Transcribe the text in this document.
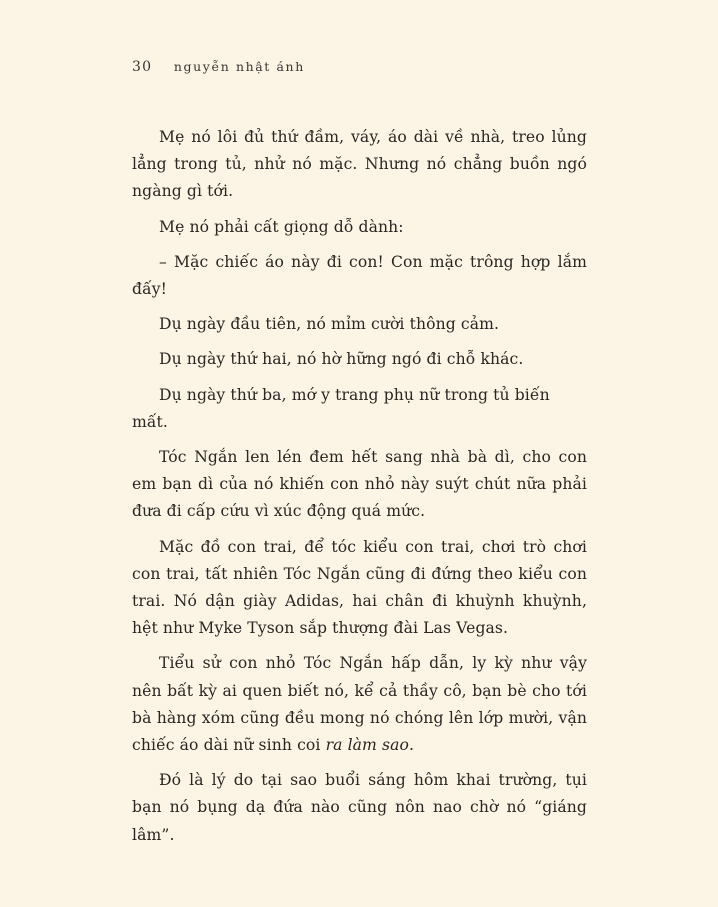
30 nguyễn nhật ánh

Mẹ nó lôi đủ thứ đầm, váy, áo dài về nhà, treo lủng lẳng trong tủ, nhử nó mặc. Nhưng nó chẳng buồn ngó ngàng gì tới.

Mẹ nó phải cất giọng dỗ dành:

– Mặc chiếc áo này đi con! Con mặc trông hợp lắm đấy!

Dụ ngày đầu tiên, nó mỉm cười thông cảm.

Dụ ngày thứ hai, nó hờ hững ngó đi chỗ khác.

Dụ ngày thứ ba, mớ y trang phụ nữ trong tủ biến mất.

Tóc Ngắn len lén đem hết sang nhà bà dì, cho con em bạn dì của nó khiến con nhỏ này suýt chút nữa phải đưa đi cấp cứu vì xúc động quá mức.

Mặc đồ con trai, để tóc kiểu con trai, chơi trò chơi con trai, tất nhiên Tóc Ngắn cũng đi đứng theo kiểu con trai. Nó dận giày Adidas, hai chân đi khuỳnh khuỳnh, hệt như Myke Tyson sắp thượng đài Las Vegas.

Tiểu sử con nhỏ Tóc Ngắn hấp dẫn, ly kỳ như vậy nên bất kỳ ai quen biết nó, kể cả thầy cô, bạn bè cho tới bà hàng xóm cũng đều mong nó chóng lên lớp mười, vận chiếc áo dài nữ sinh coi ra làm sao.

Đó là lý do tại sao buổi sáng hôm khai trường, tụi bạn nó bụng dạ đứa nào cũng nôn nao chờ nó “giáng lâm”.
